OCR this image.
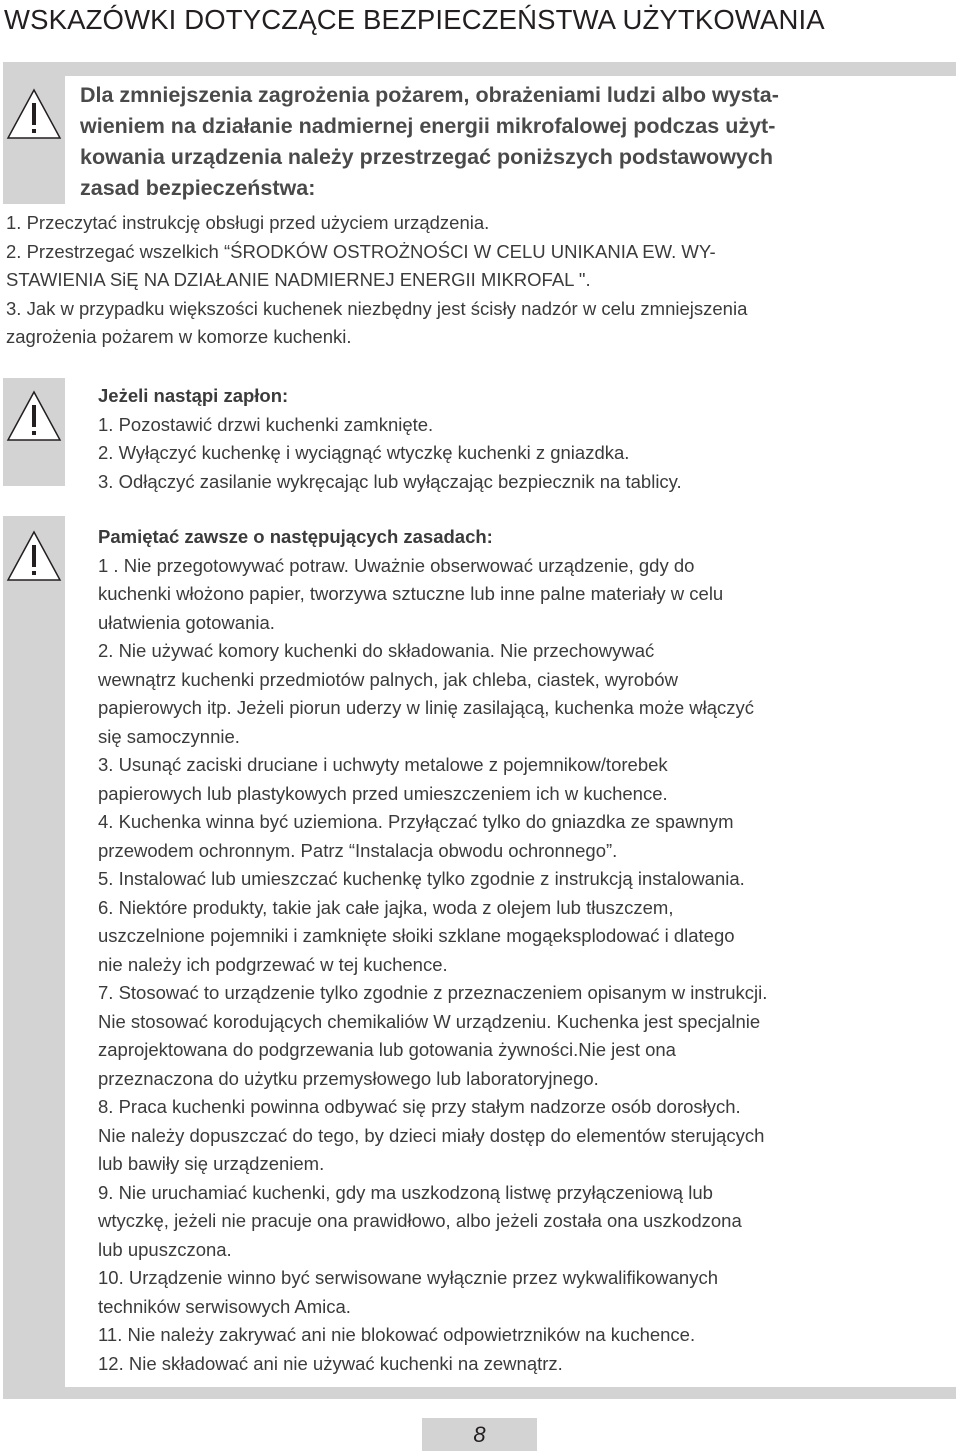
WSKAZÓWKI DOTYCZĄCE BEZPIECZEŃSTWA UŻYTKOWANIA
Dla zmniejszenia zagrożenia pożarem, obrażeniami ludzi albo wysta-
wieniem na działanie nadmiernej energii mikrofalowej podczas użyt-
kowania urządzenia należy przestrzegać poniższych podstawowych
zasad bezpieczeństwa:
1. Przeczytać instrukcję obsługi przed użyciem urządzenia.
2. Przestrzegać wszelkich “ŚRODKÓW OSTROŻNOŚCI W CELU UNIKANIA EW. WY-
STAWIENIA SiĘ NA DZIAŁANIE NADMIERNEJ ENERGII MIKROFAL ".
3. Jak w przypadku większości kuchenek niezbędny jest ścisły nadzór w celu zmniejszenia
zagrożenia pożarem w komorze kuchenki.
Jeżeli nastąpi zapłon:
1. Pozostawić drzwi kuchenki zamknięte.
2. Wyłączyć kuchenkę i wyciągnąć wtyczkę kuchenki z gniazdka.
3. Odłączyć zasilanie wykręcając lub wyłączając bezpiecznik na tablicy.
Pamiętać zawsze o następujących zasadach:
1 . Nie przegotowywać potraw. Uważnie obserwować urządzenie, gdy do
kuchenki włożono papier, tworzywa sztuczne lub inne palne materiały w celu
ułatwienia gotowania.
2. Nie używać komory kuchenki do składowania. Nie przechowywać
wewnątrz kuchenki przedmiotów palnych, jak chleba, ciastek, wyrobów
papierowych itp. Jeżeli piorun uderzy w linię zasilającą, kuchenka może włączyć
się samoczynnie.
3. Usunąć zaciski druciane i uchwyty metalowe z pojemnikow/torebek
papierowych lub plastykowych przed umieszczeniem ich w kuchence.
4. Kuchenka winna być uziemiona. Przyłączać tylko do gniazdka ze spawnym
przewodem ochronnym. Patrz “Instalacja obwodu ochronnego”.
5. Instalować lub umieszczać kuchenkę tylko zgodnie z instrukcją instalowania.
6. Niektóre produkty, takie jak całe jajka, woda z olejem lub tłuszczem,
uszczelnione pojemniki i zamknięte słoiki szklane mogąeksplodować i dlatego
nie należy ich podgrzewać w tej kuchence.
7. Stosować to urządzenie tylko zgodnie z przeznaczeniem opisanym w instrukcji.
Nie stosować korodujących chemikaliów W urządzeniu. Kuchenka jest specjalnie
zaprojektowana do podgrzewania lub gotowania żywności.Nie jest ona
przeznaczona do użytku przemysłowego lub laboratoryjnego.
8. Praca kuchenki powinna odbywać się przy stałym nadzorze osób dorosłych.
Nie należy dopuszczać do tego, by dzieci miały dostęp do elementów sterujących
lub bawiły się urządzeniem.
9. Nie uruchamiać kuchenki, gdy ma uszkodzoną listwę przyłączeniową lub
wtyczkę, jeżeli nie pracuje ona prawidłowo, albo jeżeli została ona uszkodzona
lub upuszczona.
10. Urządzenie winno być serwisowane wyłącznie przez wykwalifikowanych
techników serwisowych Amica.
11. Nie należy zakrywać ani nie blokować odpowietrzników na kuchence.
12. Nie składować ani nie używać kuchenki na zewnątrz.
8
